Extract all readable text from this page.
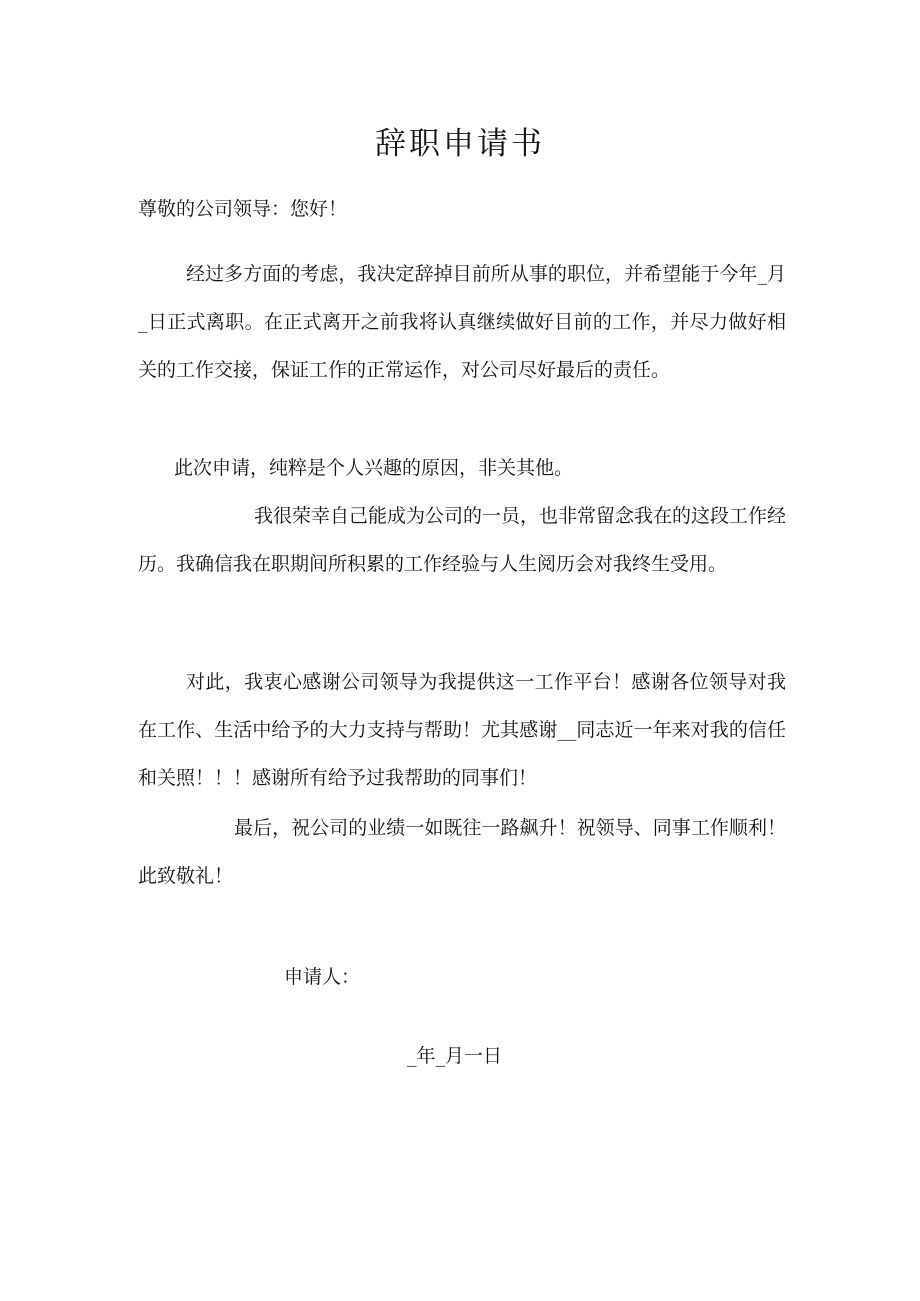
辞职申请书
尊敬的公司领导：您好！
经过多方面的考虑，我决定辞掉目前所从事的职位，并希望能于今年_月_日正式离职。在正式离开之前我将认真继续做好目前的工作，并尽力做好相关的工作交接，保证工作的正常运作，对公司尽好最后的责任。
此次申请，纯粹是个人兴趣的原因，非关其他。
我很荣幸自己能成为公司的一员，也非常留念我在的这段工作经历。我确信我在职期间所积累的工作经验与人生阅历会对我终生受用。
对此，我衷心感谢公司领导为我提供这一工作平台！感谢各位领导对我在工作、生活中给予的大力支持与帮助！尤其感谢__同志近一年来对我的信任和关照！！！感谢所有给予过我帮助的同事们！
最后，祝公司的业绩一如既往一路飙升！祝领导、同事工作顺利！此致敬礼！
申请人：
_年_月一日
